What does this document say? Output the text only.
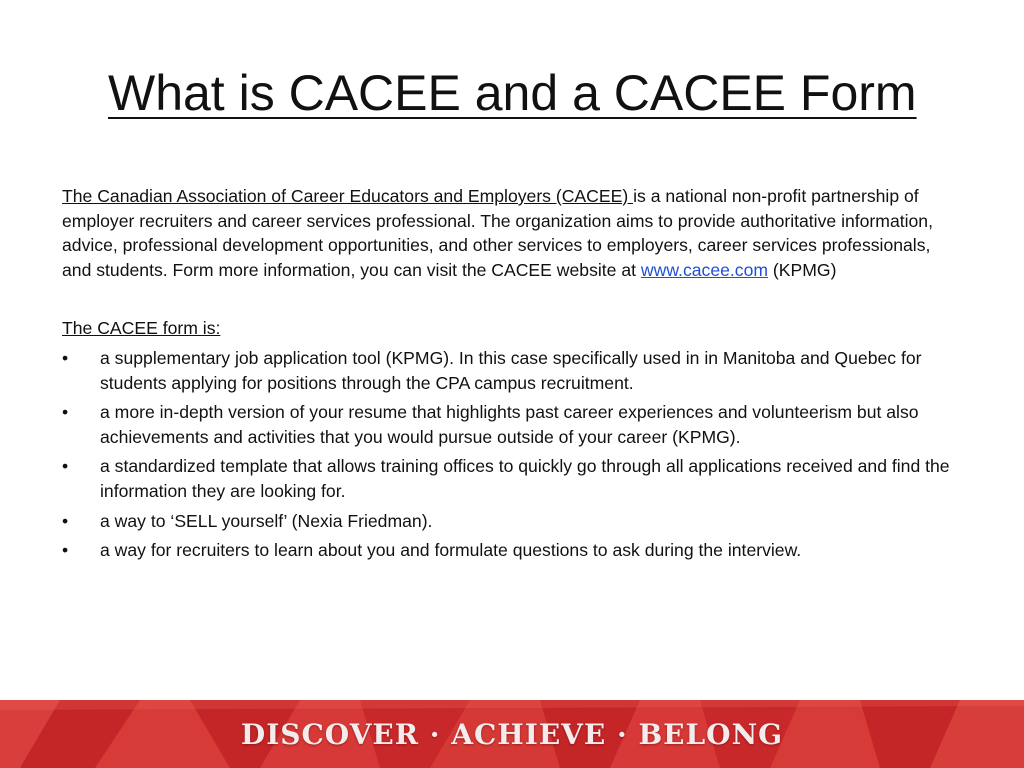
What is CACEE and a CACEE Form

The Canadian Association of Career Educators and Employers (CACEE) is a national non-profit partnership of employer recruiters and career services professional. The organization aims to provide authoritative information, advice, professional development opportunities, and other services to employers, career services professionals, and students. Form more information, you can visit the CACEE website at www.cacee.com (KPMG)

The CACEE form is:

•	a supplementary job application tool (KPMG). In this case specifically used in in Manitoba and Quebec for students applying for positions through the CPA campus recruitment.
•	a more in-depth version of your resume that highlights past career experiences and volunteerism but also achievements and activities that you would pursue outside of your career (KPMG).
•	a standardized template that allows training offices to quickly go through all applications received and find the information they are looking for.
•	a way to ‘SELL yourself’ (Nexia Friedman).
•	a way for recruiters to learn about you and formulate questions to ask during the interview.
DISCOVER · ACHIEVE · BELONG
